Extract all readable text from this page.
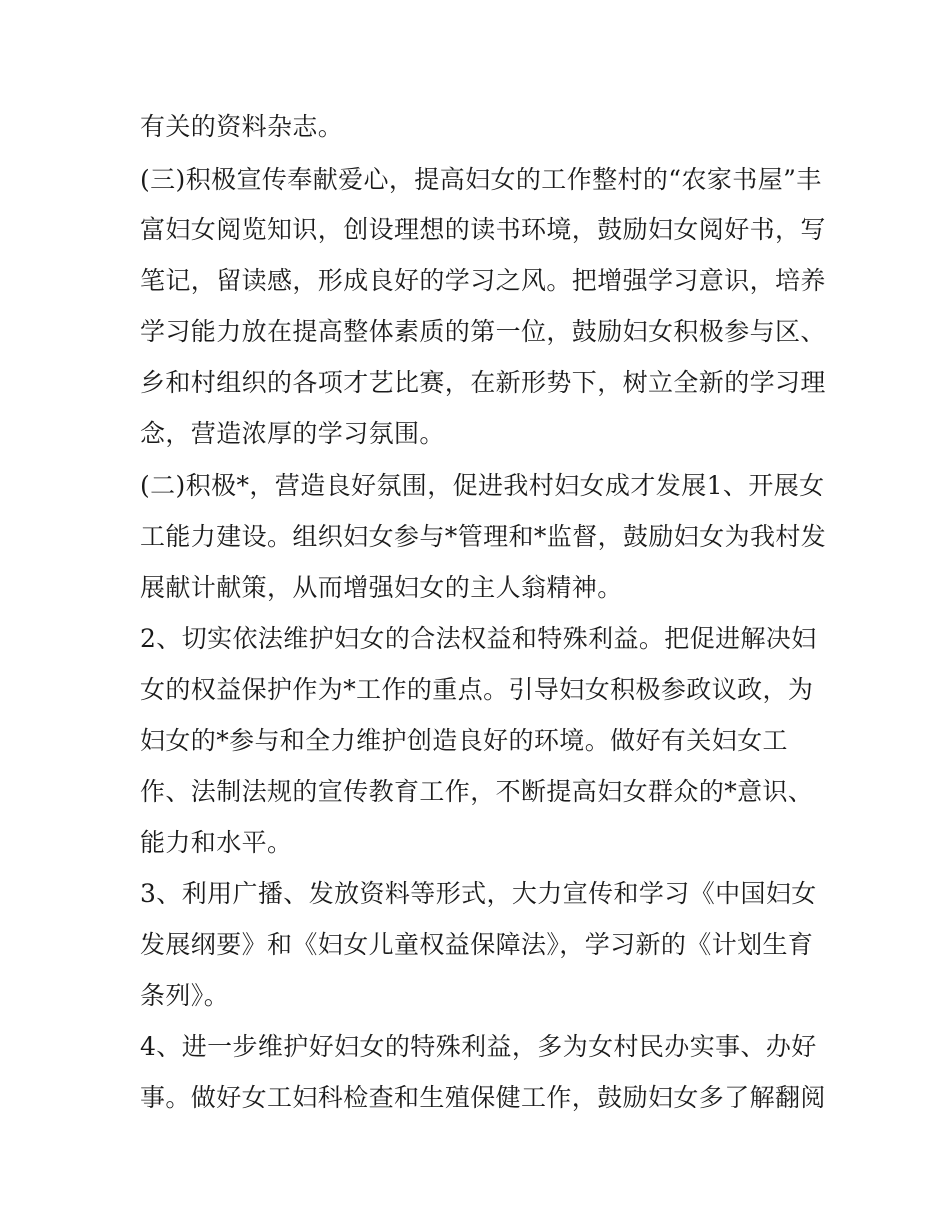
有关的资料杂志。
(三)积极宣传奉献爱心，提高妇女的工作整村的“农家书屋”丰
富妇女阅览知识，创设理想的读书环境，鼓励妇女阅好书，写
笔记，留读感，形成良好的学习之风。把增强学习意识，培养
学习能力放在提高整体素质的第一位，鼓励妇女积极参与区、
乡和村组织的各项才艺比赛，在新形势下，树立全新的学习理
念，营造浓厚的学习氛围。
(二)积极*，营造良好氛围，促进我村妇女成才发展1、开展女
工能力建设。组织妇女参与*管理和*监督，鼓励妇女为我村发
展献计献策，从而增强妇女的主人翁精神。
2、切实依法维护妇女的合法权益和特殊利益。把促进解决妇
女的权益保护作为*工作的重点。引导妇女积极参政议政，为
妇女的*参与和全力维护创造良好的环境。做好有关妇女工
作、法制法规的宣传教育工作，不断提高妇女群众的*意识、
能力和水平。
3、利用广播、发放资料等形式，大力宣传和学习《中国妇女
发展纲要》和《妇女儿童权益保障法》，学习新的《计划生育
条列》。
4、进一步维护好妇女的特殊利益，多为女村民办实事、办好
事。做好女工妇科检查和生殖保健工作，鼓励妇女多了解翻阅
